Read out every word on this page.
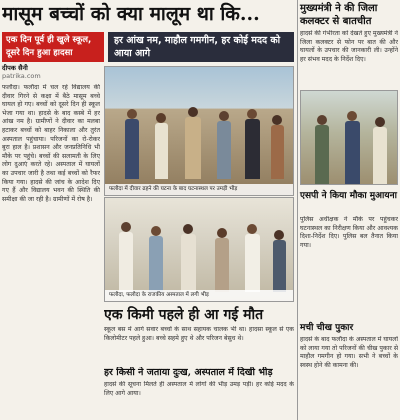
मासूम बच्चों को क्या मालूम था कि...
एक दिन पूर्व ही खुले स्कूल, दूसरे दिन हुआ हादसा
हर आंख नम, माहौल गमगीन, हर कोई मदद को आया आगे
दीपक सैनी
patrika.com
फलौदा। फलौदा में चल रहे विद्यालय की दीवार गिरने से कक्षा में बैठे मासूम बच्चे घायल हो गए। बच्चों को दूसरे दिन ही स्कूल भेजा गया था। हादसे के बाद कस्बे में हर आंख नम है। ग्रामीणों ने दीवार का मलबा हटाकर बच्चों को बाहर निकाला और तुरंत अस्पताल पहुंचाया। परिजनों का रो-रोकर बुरा हाल है। प्रशासन और जनप्रतिनिधि भी मौके पर पहुंचे। बच्चों की सलामती के लिए लोग दुआएं करते रहे। अस्पताल में घायलों का उपचार जारी है तथा कई बच्चों को रैफर किया गया। हादसे की जांच के आदेश दिए गए हैं और विद्यालय भवन की स्थिति की समीक्षा की जा रही है। ग्रामीणों में रोष है।
फलौदा में दीवार ढहने की घटना के बाद घटनास्थल पर उमड़ी भीड़
फलौदा, फलौदा के राजकीय अस्पताल में लगी भीड़
एक किमी पहले ही आ गई मौत
स्कूल बस में आगे सवार बच्चों के साथ सहायक चालक भी था। हादसा स्कूल से एक किलोमीटर पहले हुआ। बच्चे सहमे हुए थे और परिजन बेसुध थे।
हर किसी ने जताया दुःख, अस्पताल में दिखी भीड़
हादसे की सूचना मिलते ही अस्पताल में लोगों की भीड़ उमड़ पड़ी। हर कोई मदद के लिए आगे आया।
मुख्यमंत्री ने की जिला कलक्टर से बातचीत
हादसे की गंभीरता को देखते हुए मुख्यमंत्री ने जिला कलक्टर से फोन पर बात की और घायलों के उपचार की जानकारी ली। उन्होंने हर संभव मदद के निर्देश दिए।
एसपी ने किया मौका मुआयना
पुलिस अधीक्षक ने मौके पर पहुंचकर घटनास्थल का निरीक्षण किया और आवश्यक दिशा-निर्देश दिए। पुलिस बल तैनात किया गया।
मची चीख पुकार
हादसे के बाद फलौदा के अस्पताल में घायलों को लाया गया तो परिजनों की चीख पुकार से माहौल गमगीन हो गया। सभी ने बच्चों के स्वस्थ होने की कामना की।
